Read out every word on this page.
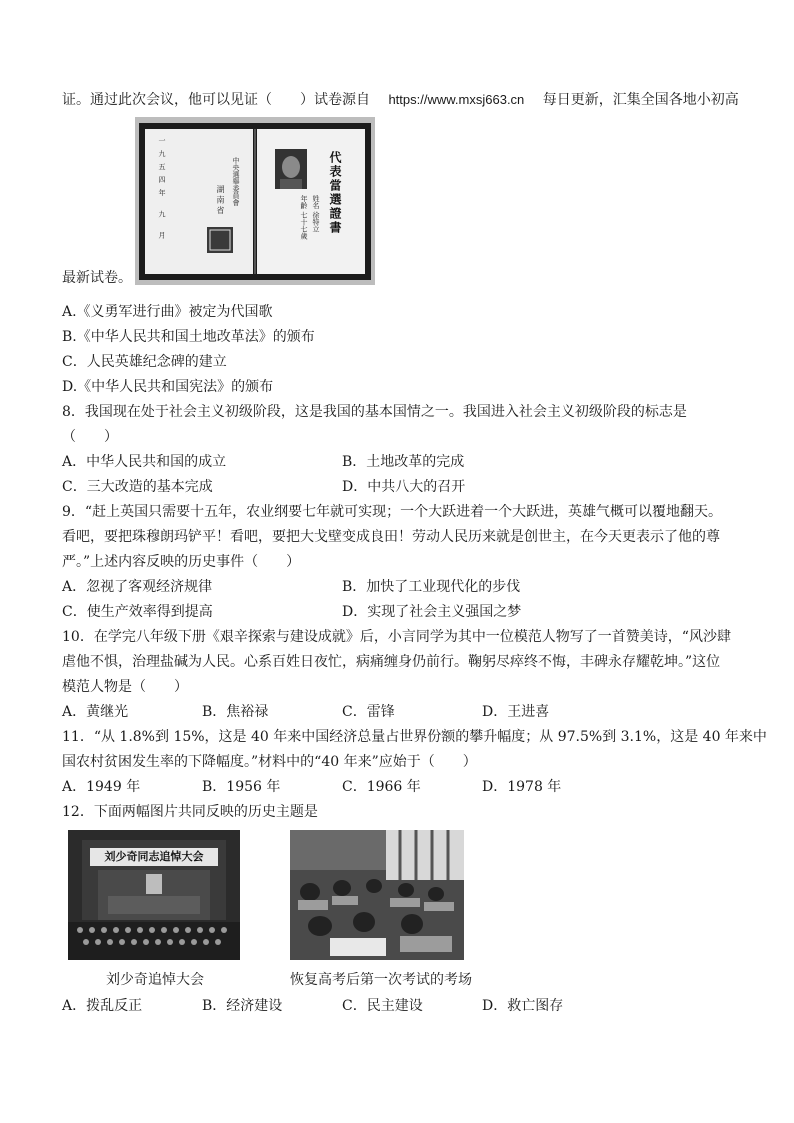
证。通过此次会议，他可以见证（　　）试卷源自 https://www.mxsj663.cn 每日更新，汇集全国各地小初高
代表當選證書
姓名 徐特立
年齡 七十七歲
中央選舉委員會
湖 南 省
一九五四年 九 月
最新试卷。
A.《义勇军进行曲》被定为代国歌
B.《中华人民共和国土地改革法》的颁布
C．人民英雄纪念碑的建立
D.《中华人民共和国宪法》的颁布
8．我国现在处于社会主义初级阶段，这是我国的基本国情之一。我国进入社会主义初级阶段的标志是
（　　）
A．中华人民共和国的成立	B．土地改革的完成
C．三大改造的基本完成	D．中共八大的召开
9．“赶上英国只需要十五年，农业纲要七年就可实现；一个大跃进着一个大跃进，英雄气概可以覆地翻天。
看吧，要把珠穆朗玛铲平！看吧，要把大戈壁变成良田！劳动人民历来就是创世主，在今天更表示了他的尊
严。”上述内容反映的历史事件（　　）
A．忽视了客观经济规律	B．加快了工业现代化的步伐
C．使生产效率得到提高	D．实现了社会主义强国之梦
10．在学完八年级下册《艰辛探索与建设成就》后，小言同学为其中一位模范人物写了一首赞美诗，“风沙肆
虐他不惧，治理盐碱为人民。心系百姓日夜忙，病痛缠身仍前行。鞠躬尽瘁终不悔，丰碑永存耀乾坤。”这位
模范人物是（　　）
A．黄继光	B．焦裕禄	C．雷锋	D．王进喜
11．“从 1.8%到 15%，这是 40 年来中国经济总量占世界份额的攀升幅度；从 97.5%到 3.1%，这是 40 年来中
国农村贫困发生率的下降幅度。”材料中的“40 年来”应始于（　　）
A．1949 年	B．1956 年	C．1966 年	D．1978 年
12．下面两幅图片共同反映的历史主题是
刘少奇同志追悼大会
刘少奇追悼大会	恢复高考后第一次考试的考场
A．拨乱反正	B．经济建设	C．民主建设	D．救亡图存
